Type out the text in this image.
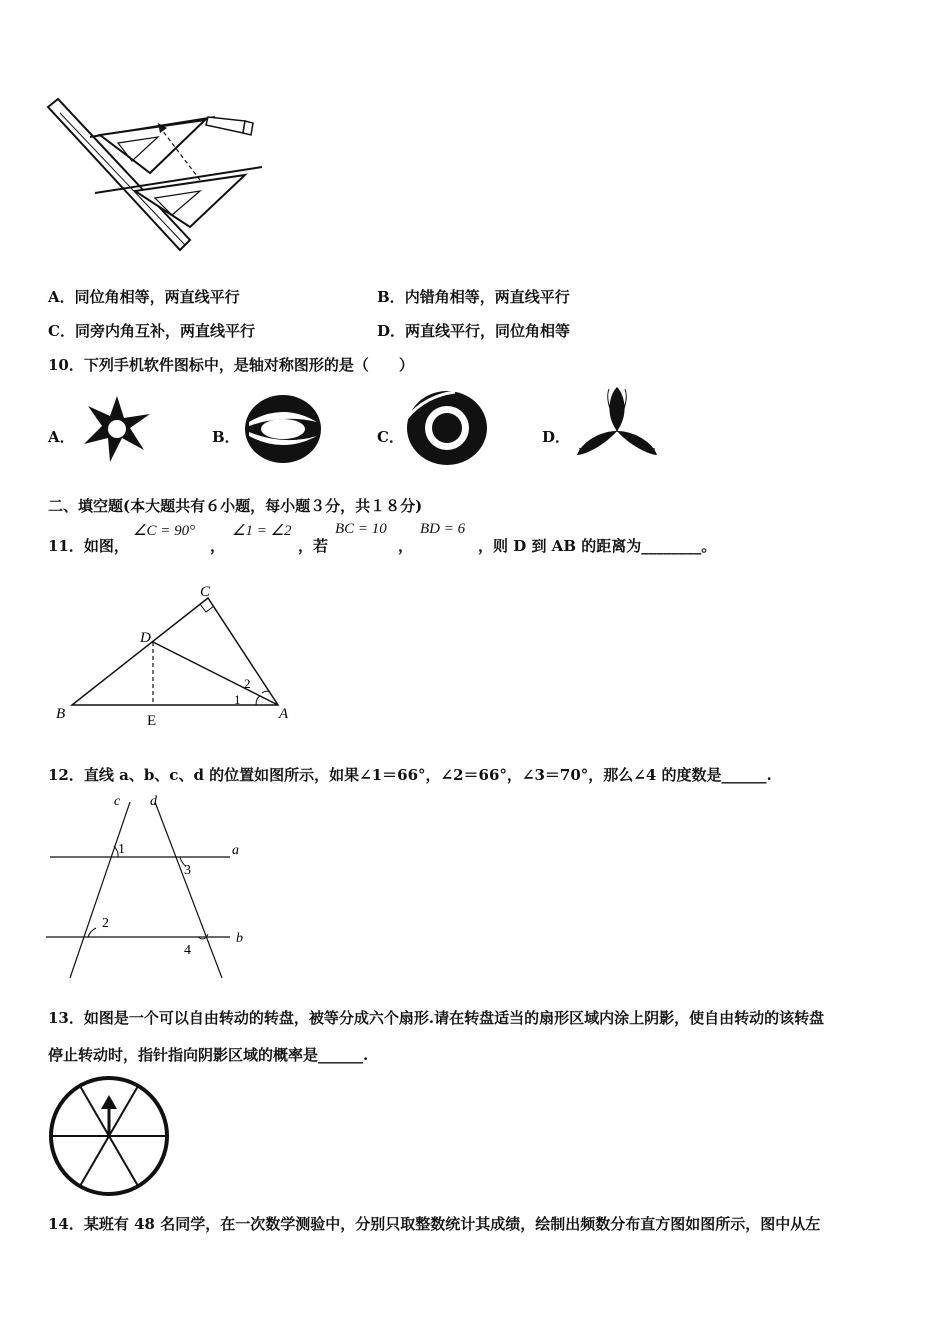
A．同位角相等，两直线平行	B．内错角相等，两直线平行
C．同旁内角互补，两直线平行	D．两直线平行，同位角相等
10．下列手机软件图标中，是轴对称图形的是（　　）
A．	B．	C．	D．
二、填空题(本大题共有６小题，每小题３分，共１８分)
11．如图，
∠C = 90°
，
∠1 = ∠2
，若
BC = 10
，
BD = 6
，则 D 到 AB 的距离为________。
C
D
B	E	A
1
2
12．直线 a、b、c、d 的位置如图所示，如果∠1＝66°，∠2＝66°，∠3＝70°，那么∠4 的度数是______.
c d
a
b
1
2
3
4
13．如图是一个可以自由转动的转盘，被等分成六个扇形.请在转盘适当的扇形区域内涂上阴影，使自由转动的该转盘
停止转动时，指针指向阴影区域的概率是______.
14．某班有 48 名同学，在一次数学测验中，分别只取整数统计其成绩，绘制出频数分布直方图如图所示，图中从左
